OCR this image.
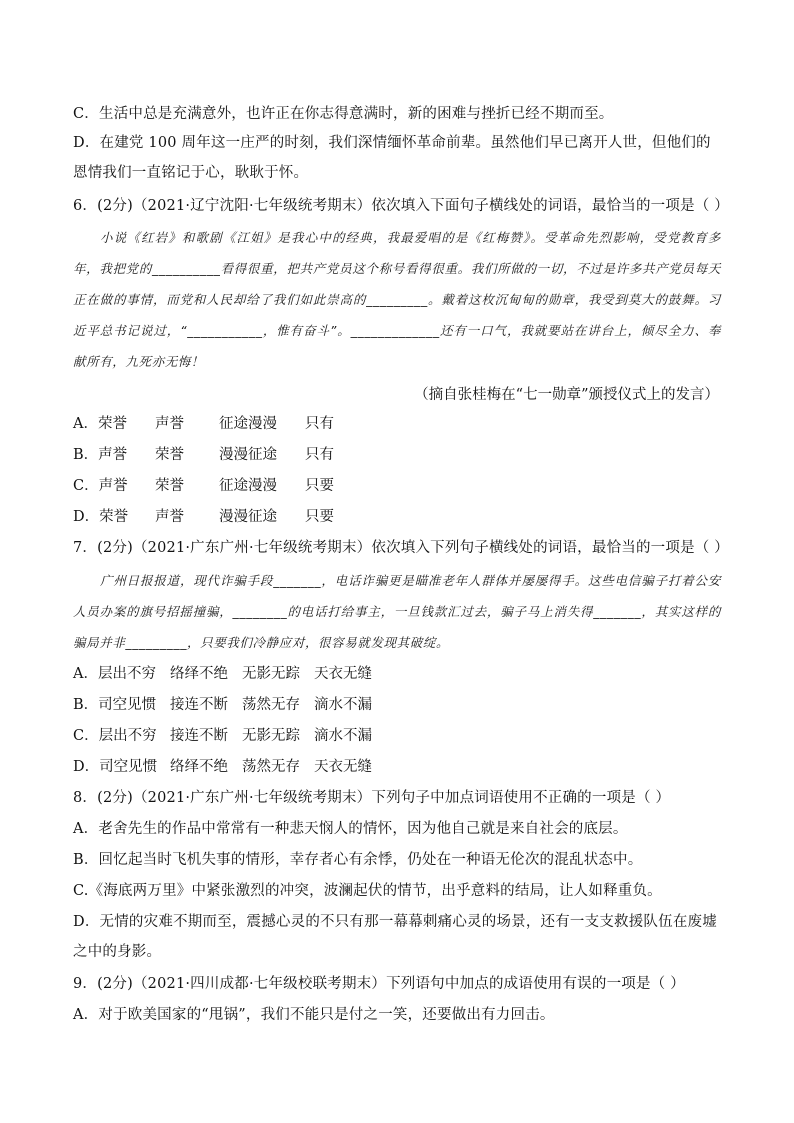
C．生活中总是充满意外，也许正在你志得意满时，新的困难与挫折已经不期而至。
D．在建党 100 周年这一庄严的时刻，我们深情缅怀革命前辈。虽然他们早已离开人世，但他们的恩情我们一直铭记于心，耿耿于怀。
6．(2分)（2021·辽宁沈阳·七年级统考期末）依次填入下面句子横线处的词语，最恰当的一项是（ ）
小说《红岩》和歌剧《江姐》是我心中的经典，我最爱唱的是《红梅赞》。受革命先烈影响，受党教育多年，我把党的__________看得很重，把共产党员这个称号看得很重。我们所做的一切，不过是许多共产党员每天正在做的事情，而党和人民却给了我们如此崇高的_________。戴着这枚沉甸甸的勋章，我受到莫大的鼓舞。习近平总书记说过，“___________，惟有奋斗”。_____________还有一口气，我就要站在讲台上，倾尽全力、奉献所有，九死亦无悔！
（摘自张桂梅在“七一勋章”颁授仪式上的发言）
A．荣誉 声誉 征途漫漫 只有
B．声誉 荣誉 漫漫征途 只有
C．声誉 荣誉 征途漫漫 只要
D．荣誉 声誉 漫漫征途 只要
7．(2分)（2021·广东广州·七年级统考期末）依次填入下列句子横线处的词语，最恰当的一项是（ ）
广州日报报道，现代诈骗手段_______，电话诈骗更是瞄准老年人群体并屡屡得手。这些电信骗子打着公安人员办案的旗号招摇撞骗，________的电话打给事主，一旦钱款汇过去，骗子马上消失得_______，其实这样的骗局并非_________，只要我们冷静应对，很容易就发现其破绽。
A．层出不穷 络绎不绝 无影无踪 天衣无缝
B．司空见惯 接连不断 荡然无存 滴水不漏
C．层出不穷 接连不断 无影无踪 滴水不漏
D．司空见惯 络绎不绝 荡然无存 天衣无缝
8．(2分)（2021·广东广州·七年级统考期末）下列句子中加点词语使用不正确的一项是（ ）
A．老舍先生的作品中常常有一种悲天悯人的情怀，因为他自己就是来自社会的底层。
B．回忆起当时飞机失事的情形，幸存者心有余悸，仍处在一种语无伦次的混乱状态中。
C.《海底两万里》中紧张激烈的冲突，波澜起伏的情节，出乎意料的结局，让人如释重负。
D．无情的灾难不期而至，震撼心灵的不只有那一幕幕刺痛心灵的场景，还有一支支救援队伍在废墟之中的身影。
9．(2分)（2021·四川成都·七年级校联考期末）下列语句中加点的成语使用有误的一项是（ ）
A．对于欧美国家的“甩锅”，我们不能只是付之一笑，还要做出有力回击。
